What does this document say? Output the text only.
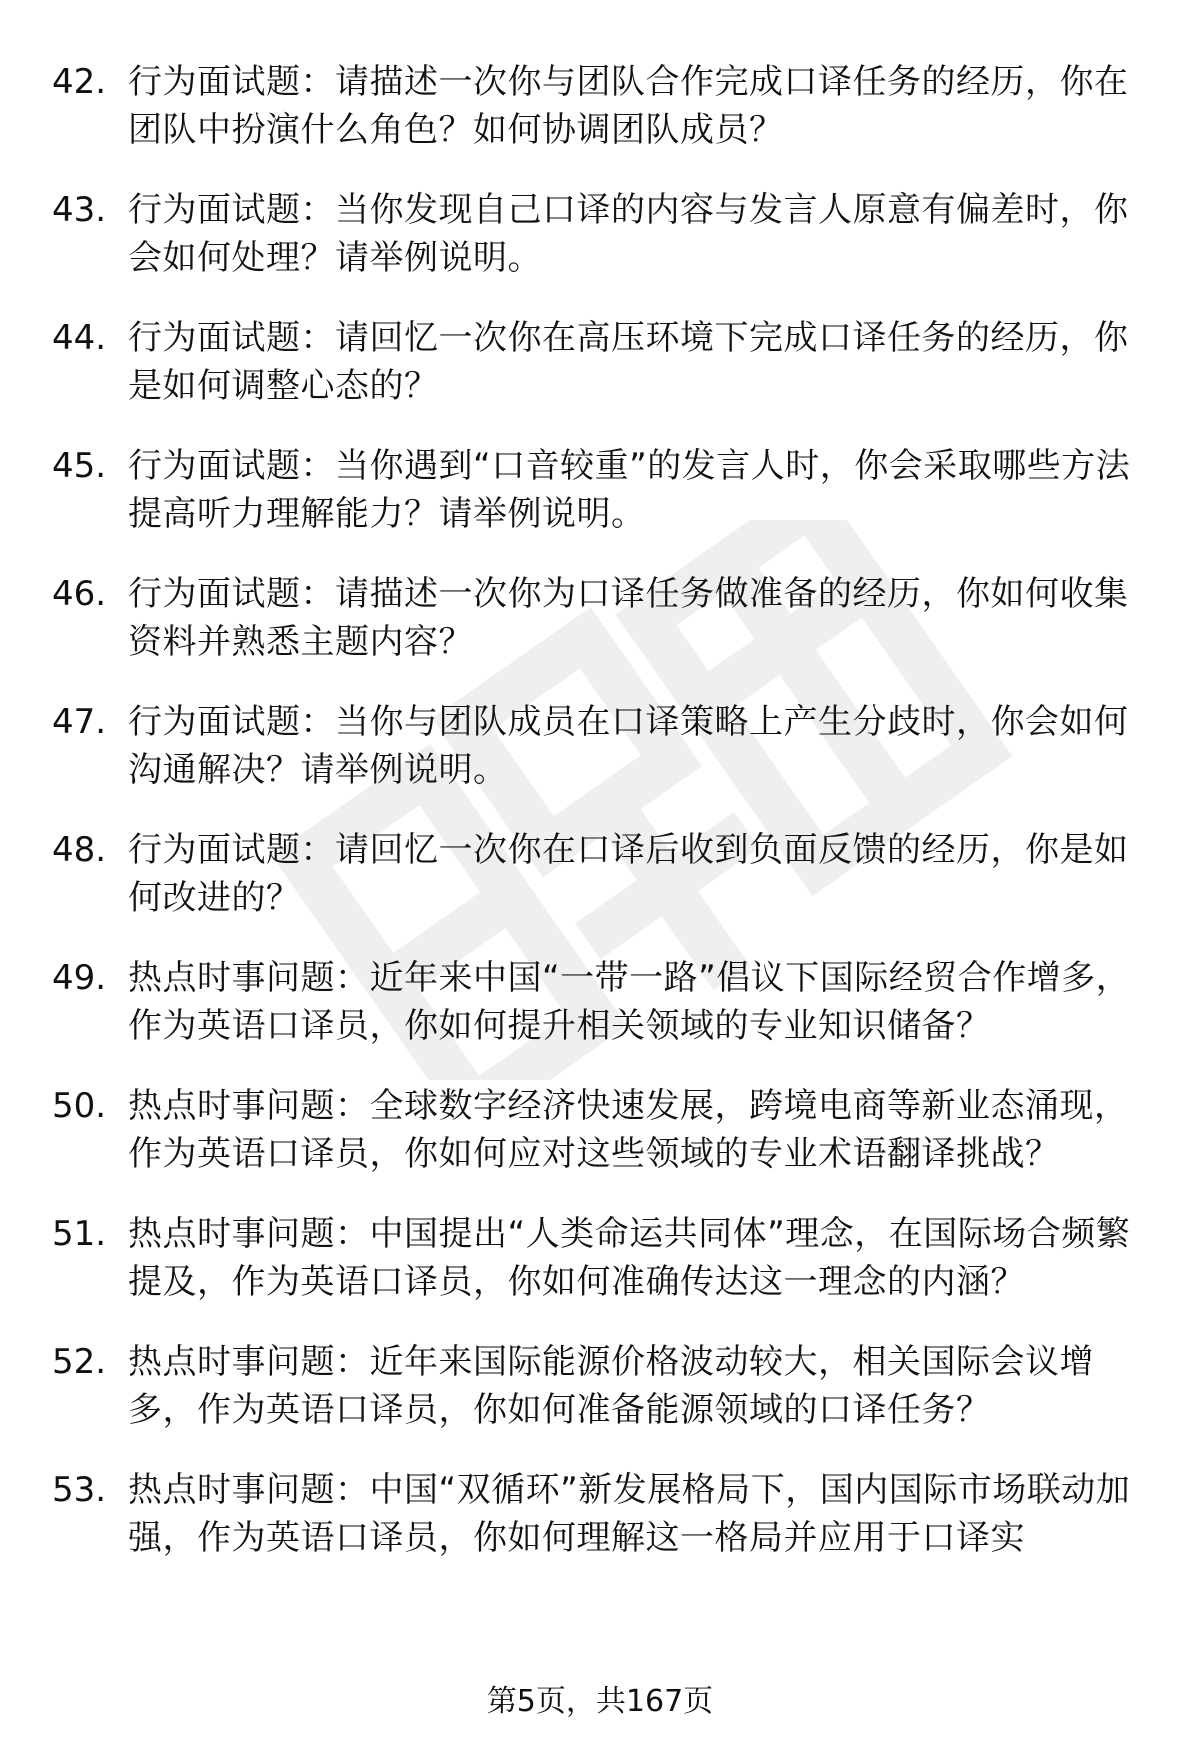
42. 行为面试题：请描述一次你与团队合作完成口译任务的经历，你在团队中扮演什么角色？如何协调团队成员？
43. 行为面试题：当你发现自己口译的内容与发言人原意有偏差时，你会如何处理？请举例说明。
44. 行为面试题：请回忆一次你在高压环境下完成口译任务的经历，你是如何调整心态的？
45. 行为面试题：当你遇到“口音较重”的发言人时，你会采取哪些方法提高听力理解能力？请举例说明。
46. 行为面试题：请描述一次你为口译任务做准备的经历，你如何收集资料并熟悉主题内容？
47. 行为面试题：当你与团队成员在口译策略上产生分歧时，你会如何沟通解决？请举例说明。
48. 行为面试题：请回忆一次你在口译后收到负面反馈的经历，你是如何改进的？
49. 热点时事问题：近年来中国“一带一路”倡议下国际经贸合作增多，作为英语口译员，你如何提升相关领域的专业知识储备？
50. 热点时事问题：全球数字经济快速发展，跨境电商等新业态涌现，作为英语口译员，你如何应对这些领域的专业术语翻译挑战？
51. 热点时事问题：中国提出“人类命运共同体”理念，在国际场合频繁提及，作为英语口译员，你如何准确传达这一理念的内涵？
52. 热点时事问题：近年来国际能源价格波动较大，相关国际会议增多，作为英语口译员，你如何准备能源领域的口译任务？
53. 热点时事问题：中国“双循环”新发展格局下，国内国际市场联动加强，作为英语口译员，你如何理解这一格局并应用于口译实
第5页，共167页
